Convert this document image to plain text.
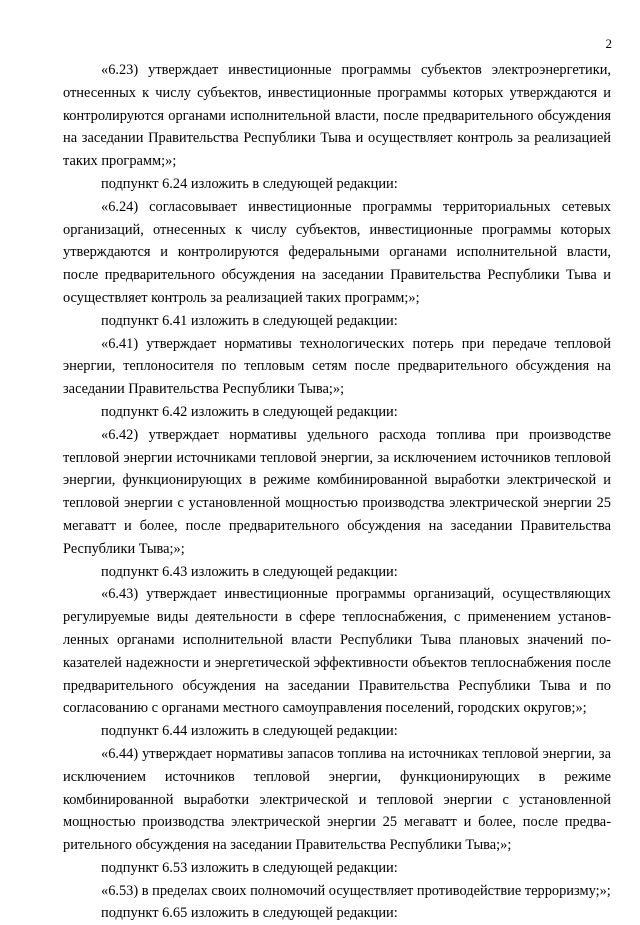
2

«6.23) утверждает инвестиционные программы субъектов электроэнергетики, отнесенных к числу субъектов, инвестиционные программы которых утверждаются и контролируются органами исполнительной власти, после предварительного обсуждения на заседании Правительства Республики Тыва и осуществляет контроль за реализацией таких программ;»;

подпункт 6.24 изложить в следующей редакции:

«6.24) согласовывает инвестиционные программы территориальных сетевых организаций, отнесенных к числу субъектов, инвестиционные программы которых утверждаются и контролируются федеральными органами исполнительной власти, после предварительного обсуждения на заседании Правительства Республики Тыва и осуществляет контроль за реализацией таких программ;»;

подпункт 6.41 изложить в следующей редакции:

«6.41) утверждает нормативы технологических потерь при передаче тепловой энергии, теплоносителя по тепловым сетям после предварительного обсуждения на заседании Правительства Республики Тыва;»;

подпункт 6.42 изложить в следующей редакции:

«6.42) утверждает нормативы удельного расхода топлива при производстве тепловой энергии источниками тепловой энергии, за исключением источников тепловой энергии, функционирующих в режиме комбинированной выработки электрической и тепловой энергии с установленной мощностью производства электрической энергии 25 мегаватт и более, после предварительного обсуждения на заседании Правительства Республики Тыва;»;

подпункт 6.43 изложить в следующей редакции:

«6.43) утверждает инвестиционные программы организаций, осуществляющих регулируемые виды деятельности в сфере теплоснабжения, с применением установленных органами исполнительной власти Республики Тыва плановых значений показателей надежности и энергетической эффективности объектов теплоснабжения после предварительного обсуждения на заседании Правительства Республики Тыва и по согласованию с органами местного самоуправления поселений, городских округов;»;

подпункт 6.44 изложить в следующей редакции:

«6.44) утверждает нормативы запасов топлива на источниках тепловой энергии, за исключением источников тепловой энергии, функционирующих в режиме комбинированной выработки электрической и тепловой энергии с установленной мощностью производства электрической энергии 25 мегаватт и более, после предварительного обсуждения на заседании Правительства Республики Тыва;»;

подпункт 6.53 изложить в следующей редакции:

«6.53) в пределах своих полномочий осуществляет противодействие терроризму;»;

подпункт 6.65 изложить в следующей редакции:
